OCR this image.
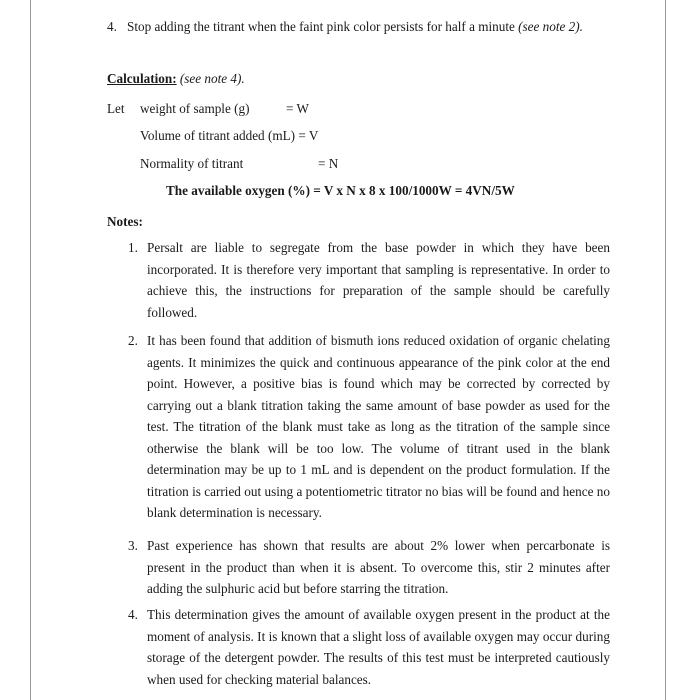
4. Stop adding the titrant when the faint pink color persists for half a minute (see note 2).
Calculation: (see note 4).
Let weight of sample (g)	= W
Volume of titrant added (mL) = V
Normality of titrant	= N
The available oxygen (%) = V x N x 8 x 100/1000W = 4VN/5W
Notes:
1. Persalt are liable to segregate from the base powder in which they have been incorporated. It is therefore very important that sampling is representative. In order to achieve this, the instructions for preparation of the sample should be carefully followed.
2. It has been found that addition of bismuth ions reduced oxidation of organic chelating agents. It minimizes the quick and continuous appearance of the pink color at the end point. However, a positive bias is found which may be corrected by corrected by carrying out a blank titration taking the same amount of base powder as used for the test. The titration of the blank must take as long as the titration of the sample since otherwise the blank will be too low. The volume of titrant used in the blank determination may be up to 1 mL and is dependent on the product formulation. If the titration is carried out using a potentiometric titrator no bias will be found and hence no blank determination is necessary.
3. Past experience has shown that results are about 2% lower when percarbonate is present in the product than when it is absent. To overcome this, stir 2 minutes after adding the sulphuric acid but before starring the titration.
4. This determination gives the amount of available oxygen present in the product at the moment of analysis. It is known that a slight loss of available oxygen may occur during storage of the detergent powder. The results of this test must be interpreted cautiously when used for checking material balances.
